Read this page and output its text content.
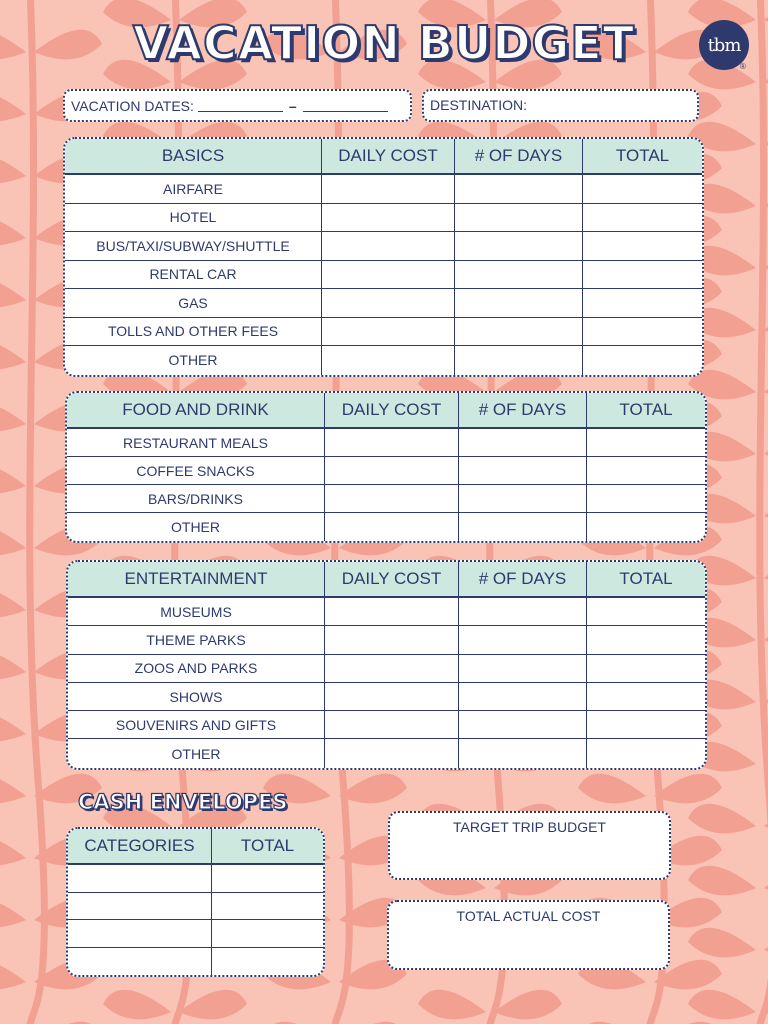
VACATION BUDGET	tbm
®
VACATION DATES:	–	DESTINATION:
BASICS	DAILY COST	# OF DAYS	TOTAL
AIRFARE			
HOTEL			
BUS/TAXI/SUBWAY/SHUTTLE			
RENTAL CAR			
GAS			
TOLLS AND OTHER FEES			
OTHER			
FOOD AND DRINK	DAILY COST	# OF DAYS	TOTAL
RESTAURANT MEALS			
COFFEE SNACKS			
BARS/DRINKS			
OTHER			
ENTERTAINMENT	DAILY COST	# OF DAYS	TOTAL
MUSEUMS			
THEME PARKS			
ZOOS AND PARKS			
SHOWS			
SOUVENIRS AND GIFTS			
OTHER			
CASH ENVELOPES
CATEGORIES	TOTAL

TARGET TRIP BUDGET
TOTAL ACTUAL COST
